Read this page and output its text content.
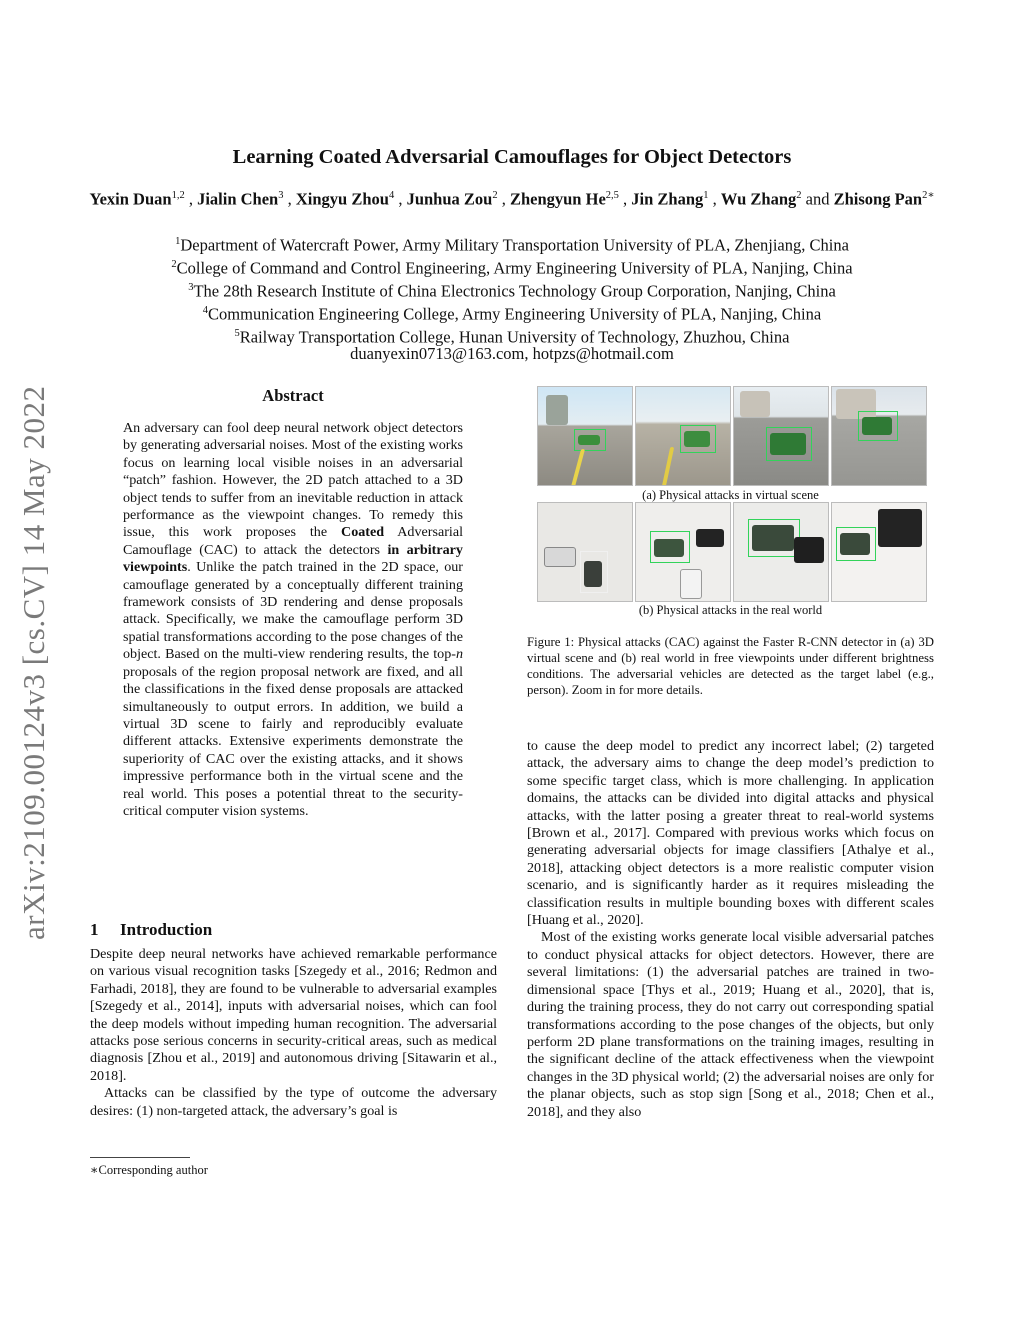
Learning Coated Adversarial Camouflages for Object Detectors
Yexin Duan$^{1,2}$ , Jialin Chen$^3$ , Xingyu Zhou$^4$ , Junhua Zou$^2$ , Zhengyun He$^{2,5}$ , Jin Zhang$^1$ , Wu Zhang$^2$ and Zhisong Pan$^{2∗}$
$^1$Department of Watercraft Power, Army Military Transportation University of PLA, Zhenjiang, China
$^2$College of Command and Control Engineering, Army Engineering University of PLA, Nanjing, China
$^3$The 28th Research Institute of China Electronics Technology Group Corporation, Nanjing, China
$^4$Communication Engineering College, Army Engineering University of PLA, Nanjing, China
$^5$Railway Transportation College, Hunan University of Technology, Zhuzhou, China
duanyexin0713@163.com, hotpzs@hotmail.com
arXiv:2109.00124v3 [cs.CV] 14 May 2022	Abstract

An adversary can fool deep neural network object detectors by generating adversarial noises. Most of the existing works focus on learning local visible noises in an adversarial “patch” fashion. However, the 2D patch attached to a 3D object tends to suffer from an inevitable reduction in attack performance as the viewpoint changes. To remedy this issue, this work proposes the Coated Adversarial Camouflage (CAC) to attack the detectors in arbitrary viewpoints. Unlike the patch trained in the 2D space, our camouflage generated by a conceptually different training framework consists of 3D rendering and dense proposals attack. Specifically, we make the camouflage perform 3D spatial transformations according to the pose changes of the object. Based on the multi-view rendering results, the top-n proposals of the region proposal network are fixed, and all the classifications in the fixed dense proposals are attacked simultaneously to output errors. In addition, we build a virtual 3D scene to fairly and reproducibly evaluate different attacks. Extensive experiments demonstrate the superiority of CAC over the existing attacks, and it shows impressive performance both in the virtual scene and the real world. This poses a potential threat to the security-critical computer vision systems.

1 Introduction

Despite deep neural networks have achieved remarkable performance on various visual recognition tasks [Szegedy et al., 2016; Redmon and Farhadi, 2018], they are found to be vulnerable to adversarial examples [Szegedy et al., 2014], inputs with adversarial noises, which can fool the deep models without impeding human recognition. The adversarial attacks pose serious concerns in security-critical areas, such as medical diagnosis [Zhou et al., 2019] and autonomous driving [Sitawarin et al., 2018].

Attacks can be classified by the type of outcome the adversary desires: (1) non-targeted attack, the adversary’s goal is

∗Corresponding author
(a) Physical attacks in virtual scene
(b) Physical attacks in the real world
Figure 1: Physical attacks (CAC) against the Faster R-CNN detector in (a) 3D virtual scene and (b) real world in free viewpoints under different brightness conditions. The adversarial vehicles are detected as the target label (e.g., person). Zoom in for more details.

to cause the deep model to predict any incorrect label; (2) targeted attack, the adversary aims to change the deep model’s prediction to some specific target class, which is more challenging. In application domains, the attacks can be divided into digital attacks and physical attacks, with the latter posing a greater threat to real-world systems [Brown et al., 2017]. Compared with previous works which focus on generating adversarial objects for image classifiers [Athalye et al., 2018], attacking object detectors is a more realistic computer vision scenario, and is significantly harder as it requires misleading the classification results in multiple bounding boxes with different scales [Huang et al., 2020].

Most of the existing works generate local visible adversarial patches to conduct physical attacks for object detectors. However, there are several limitations: (1) the adversarial patches are trained in two-dimensional space [Thys et al., 2019; Huang et al., 2020], that is, during the training process, they do not carry out corresponding spatial transformations according to the pose changes of the objects, but only perform 2D plane transformations on the training images, resulting in the significant decline of the attack effectiveness when the viewpoint changes in the 3D physical world; (2) the adversarial noises are only for the planar objects, such as stop sign [Song et al., 2018; Chen et al., 2018], and they also
